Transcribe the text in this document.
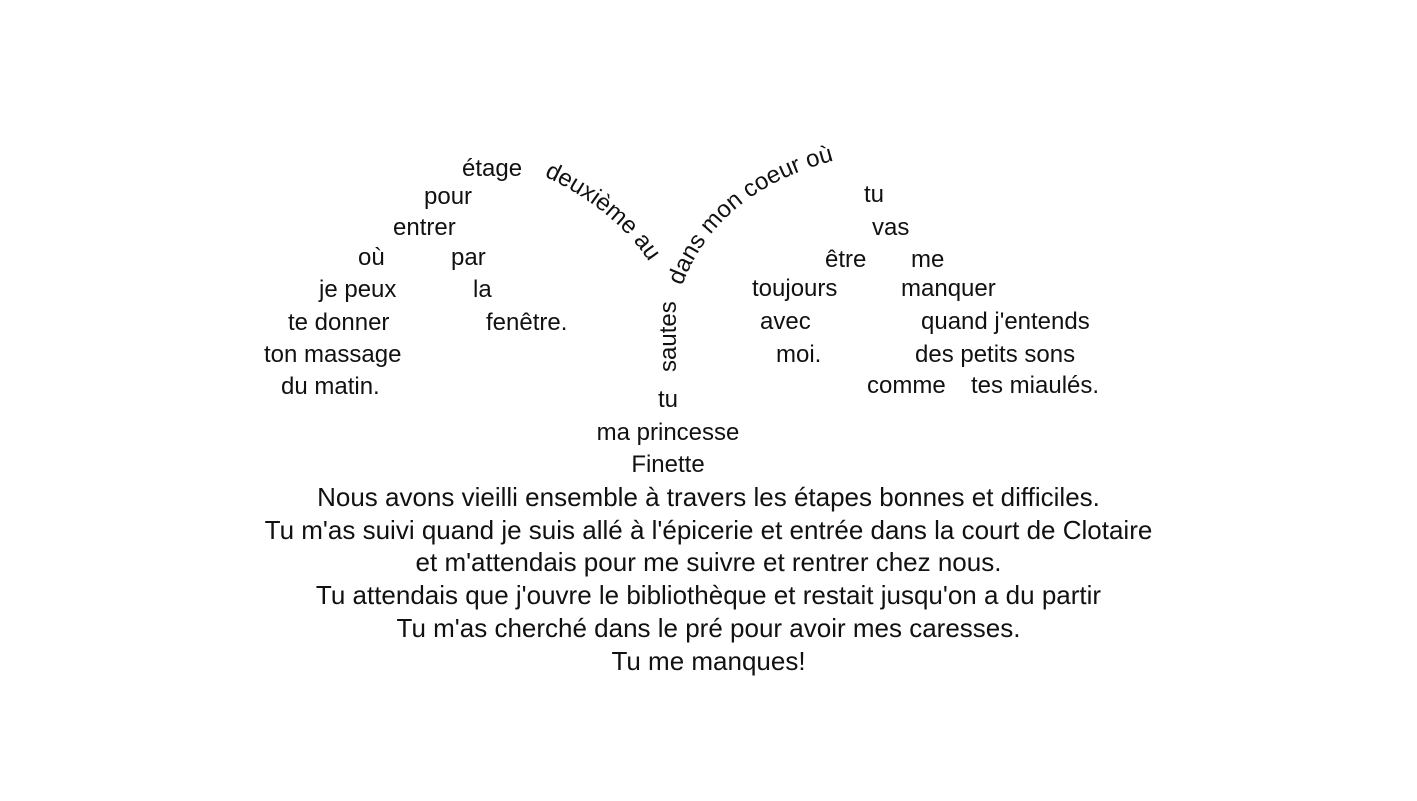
étage
pour
entrer
où	par
je peux	la
te donner	fenêtre.
ton massage
du matin.
deuxième au
dans mon coeur où
sautes
tu
vas
être me
toujours	manquer
avec	quand j'entends
moi.	des petits sons
comme tes miaulés.
tu
ma princesse
Finette
Nous avons vieilli ensemble à travers les étapes bonnes et difficiles.
Tu m'as suivi quand je suis allé à l'épicerie et entrée dans la court de Clotaire
et m'attendais pour me suivre et rentrer chez nous.
Tu attendais que j'ouvre le bibliothèque et restait jusqu'on a du partir
Tu m'as cherché dans le pré pour avoir mes caresses.
Tu me manques!
